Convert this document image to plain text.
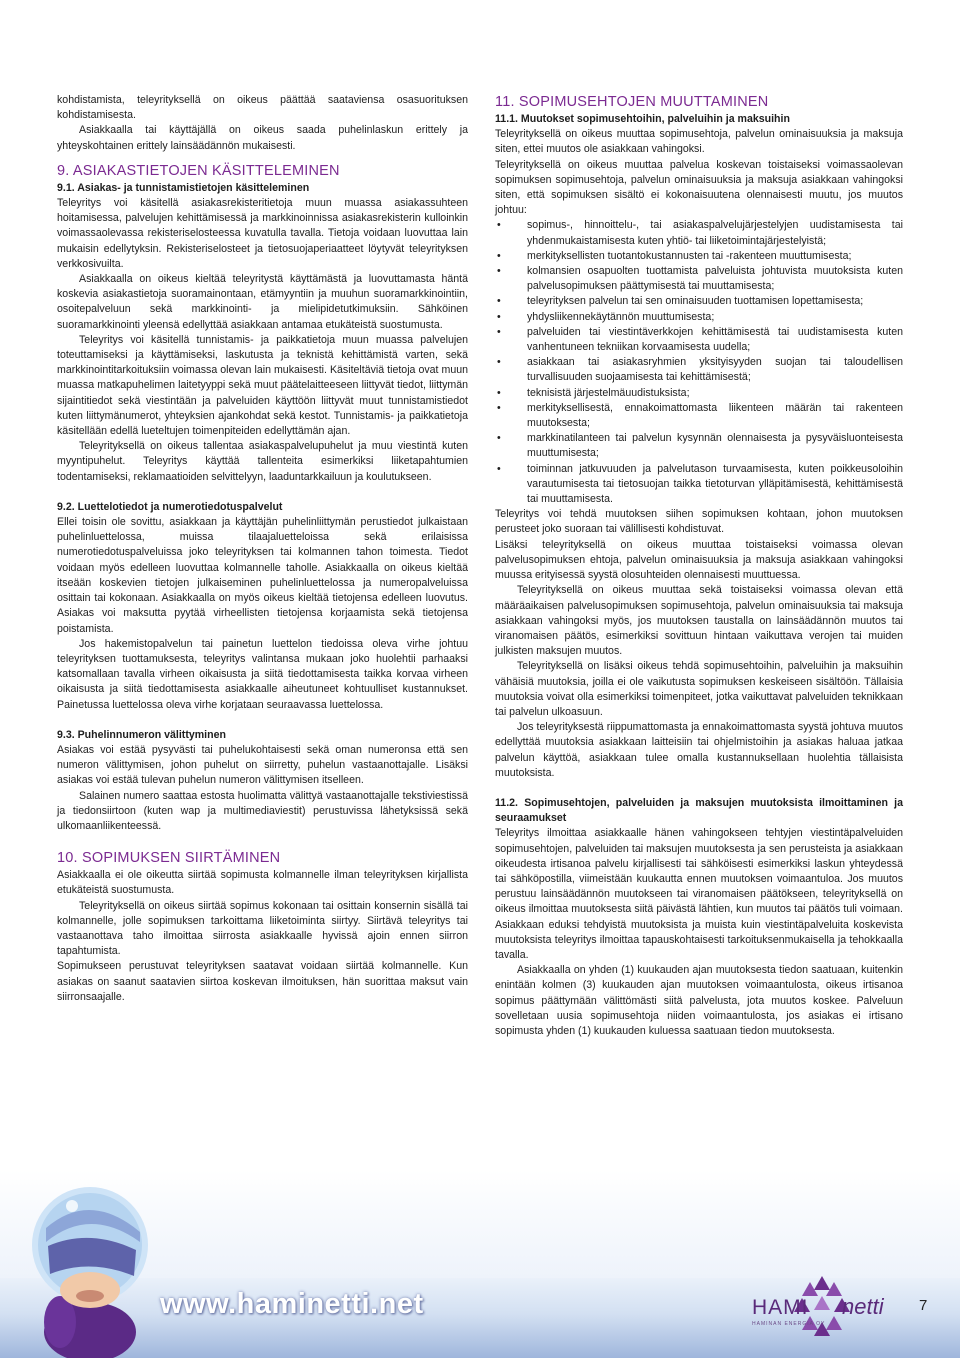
kohdistamista, teleyrityksellä on oikeus päättää saataviensa osasuorituksen kohdistamisesta.

Asiakkaalla tai käyttäjällä on oikeus saada puhelinlaskun erittely ja yhteyskohtainen erittely lainsäädännön mukaisesti.

9. ASIAKASTIETOJEN KÄSITTELEMINEN
9.1. Asiakas- ja tunnistamistietojen käsitteleminen

Teleyritys voi käsitellä asiakasrekisteritietoja muun muassa asiakassuhteen hoitamisessa, palvelujen kehittämisessä ja markkinoinnissa asiakasrekisterin kulloinkin voimassaolevassa rekisteriselosteessa kuvatulla tavalla. Tietoja voidaan luovuttaa lain mukaisin edellytyksin. Rekisteriselosteet ja tietosuojaperiaatteet löytyvät teleyrityksen verkkosivuilta.

Asiakkaalla on oikeus kieltää teleyritystä käyttämästä ja luovuttamasta häntä koskevia asiakastietoja suoramainontaan, etämyyntiin ja muuhun suoramarkkinointiin, osoitepalveluun sekä markkinointi- ja mielipidetutkimuksiin. Sähköinen suoramarkkinointi yleensä edellyttää asiakkaan antamaa etukäteistä suostumusta.

Teleyritys voi käsitellä tunnistamis- ja paikkatietoja muun muassa palvelujen toteuttamiseksi ja käyttämiseksi, laskutusta ja teknistä kehittämistä varten, sekä markkinointitarkoituksiin voimassa olevan lain mukaisesti. Käsiteltäviä tietoja ovat muun muassa matkapuhelimen laitetyyppi sekä muut päätelaitteeseen liittyvät tiedot, liittymän sijaintitiedot sekä viestintään ja palveluiden käyttöön liittyvät muut tunnistamistiedot kuten liittymänumerot, yhteyksien ajankohdat sekä kestot. Tunnistamis- ja paikkatietoja käsitellään edellä lueteltujen toimenpiteiden edellyttämän ajan.

Teleyrityksellä on oikeus tallentaa asiakaspalvelupuhelut ja muu viestintä kuten myyntipuhelut. Teleyritys käyttää tallenteita esimerkiksi liiketapahtumien todentamiseksi, reklamaatioiden selvittelyyn, laaduntarkkailuun ja koulutukseen.

9.2. Luettelotiedot ja numerotiedotuspalvelut

Ellei toisin ole sovittu, asiakkaan ja käyttäjän puhelinliittymän perustiedot julkaistaan puhelinluettelossa, muissa tilaajaluetteloissa sekä erilaisissa numerotiedotuspalveluissa joko teleyrityksen tai kolmannen tahon toimesta. Tiedot voidaan myös edelleen luovuttaa kolmannelle taholle. Asiakkaalla on oikeus kieltää itseään koskevien tietojen julkaiseminen puhelinluettelossa ja numeropalveluissa osittain tai kokonaan. Asiakkaalla on myös oikeus kieltää tietojensa edelleen luovutus. Asiakas voi maksutta pyytää virheellisten tietojensa korjaamista sekä tietojensa poistamista.

Jos hakemistopalvelun tai painetun luettelon tiedoissa oleva virhe johtuu teleyrityksen tuottamuksesta, teleyritys valintansa mukaan joko huolehtii parhaaksi katsomallaan tavalla virheen oikaisusta ja siitä tiedottamisesta taikka korvaa virheen oikaisusta ja siitä tiedottamisesta asiakkaalle aiheutuneet kohtuulliset kustannukset. Painetussa luettelossa oleva virhe korjataan seuraavassa luettelossa.

9.3. Puhelinnumeron välittyminen

Asiakas voi estää pysyvästi tai puhelukohtaisesti sekä oman numeronsa että sen numeron välittymisen, johon puhelut on siirretty, puhelun vastaanottajalle. Lisäksi asiakas voi estää tulevan puhelun numeron välittymisen itselleen.

Salainen numero saattaa estosta huolimatta välittyä vastaanottajalle tekstiviestissä ja tiedonsiirtoon (kuten wap ja multimediaviestit) perustuvissa lähetyksissä sekä ulkomaanliikenteessä.

10. SOPIMUKSEN SIIRTÄMINEN

Asiakkaalla ei ole oikeutta siirtää sopimusta kolmannelle ilman teleyrityksen kirjallista etukäteistä suostumusta.

Teleyrityksellä on oikeus siirtää sopimus kokonaan tai osittain konsernin sisällä tai kolmannelle, jolle sopimuksen tarkoittama liiketoiminta siirtyy. Siirtävä teleyritys tai vastaanottava taho ilmoittaa siirrosta asiakkaalle hyvissä ajoin ennen siirron tapahtumista.

Sopimukseen perustuvat teleyrityksen saatavat voidaan siirtää kolmannelle. Kun asiakas on saanut saatavien siirtoa koskevan ilmoituksen, hän suorittaa maksut vain siirronsaajalle.

11. SOPIMUSEHTOJEN MUUTTAMINEN
11.1. Muutokset sopimusehtoihin, palveluihin ja maksuihin

Teleyrityksellä on oikeus muuttaa sopimusehtoja, palvelun ominaisuuksia ja maksuja siten, ettei muutos ole asiakkaan vahingoksi.

Teleyrityksellä on oikeus muuttaa palvelua koskevan toistaiseksi voimassaolevan sopimuksen sopimusehtoja, palvelun ominaisuuksia ja maksuja asiakkaan vahingoksi siten, että sopimuksen sisältö ei kokonaisuutena olennaisesti muutu, jos muutos johtuu:

• sopimus-, hinnoittelu-, tai asiakaspalvelujärjestelyjen uudistamisesta tai yhdenmukaistamisesta kuten yhtiö- tai liiketoimintajärjestelyistä;
• merkityksellisten tuotantokustannusten tai -rakenteen muuttumisesta;
• kolmansien osapuolten tuottamista palveluista johtuvista muutoksista kuten palvelusopimuksen päättymisestä tai muuttamisesta;
• teleyrityksen palvelun tai sen ominaisuuden tuottamisen lopettamisesta;
• yhdysliikennekäytännön muuttumisesta;
• palveluiden tai viestintäverkkojen kehittämisestä tai uudistamisesta kuten vanhentuneen tekniikan korvaamisesta uudella;
• asiakkaan tai asiakasryhmien yksityisyyden suojan tai taloudellisen turvallisuuden suojaamisesta tai kehittämisestä;
• teknisistä järjestelmäuudistuksista;
• merkityksellisestä, ennakoimattomasta liikenteen määrän tai rakenteen muutoksesta;
• markkinatilanteen tai palvelun kysynnän olennaisesta ja pysyväisluonteisesta muuttumisesta;
• toiminnan jatkuvuuden ja palvelutason turvaamisesta, kuten poikkeusoloihin varautumisesta tai tietosuojan taikka tietoturvan ylläpitämisestä, kehittämisestä tai muuttamisesta.

Teleyritys voi tehdä muutoksen siihen sopimuksen kohtaan, johon muutoksen perusteet joko suoraan tai välillisesti kohdistuvat.

Lisäksi teleyrityksellä on oikeus muuttaa toistaiseksi voimassa olevan palvelusopimuksen ehtoja, palvelun ominaisuuksia ja maksuja asiakkaan vahingoksi muussa erityisessä syystä olosuhteiden olennaisesti muuttuessa.

Teleyrityksellä on oikeus muuttaa sekä toistaiseksi voimassa olevan että määräaikaisen palvelusopimuksen sopimusehtoja, palvelun ominaisuuksia tai maksuja asiakkaan vahingoksi myös, jos muutoksen taustalla on lainsäädännön muutos tai viranomaisen päätös, esimerkiksi sovittuun hintaan vaikuttava verojen tai muiden julkisten maksujen muutos.

Teleyrityksellä on lisäksi oikeus tehdä sopimusehtoihin, palveluihin ja maksuihin vähäisiä muutoksia, joilla ei ole vaikutusta sopimuksen keskeiseen sisältöön. Tällaisia muutoksia voivat olla esimerkiksi toimenpiteet, jotka vaikuttavat palveluiden teknikkaan tai palvelun ulkoasuun.

Jos teleyrityksestä riippumattomasta ja ennakoimattomasta syystä johtuva muutos edellyttää muutoksia asiakkaan laitteisiin tai ohjelmistoihin ja asiakas haluaa jatkaa palvelun käyttöä, asiakkaan tulee omalla kustannuksellaan huolehtia tällaisista muutoksista.

11.2. Sopimusehtojen, palveluiden ja maksujen muutoksista ilmoittaminen ja seuraamukset

Teleyritys ilmoittaa asiakkaalle hänen vahingokseen tehtyjen viestintäpalveluiden sopimusehtojen, palveluiden tai maksujen muutoksesta ja sen perusteista ja asiakkaan oikeudesta irtisanoa palvelu kirjallisesti tai sähköisesti esimerkiksi laskun yhteydessä tai sähköpostilla, viimeistään kuukautta ennen muutoksen voimaantuloa. Jos muutos perustuu lainsäädännön muutokseen tai viranomaisen päätökseen, teleyrityksellä on oikeus ilmoittaa muutoksesta siitä päivästä lähtien, kun muutos tai päätös tuli voimaan. Asiakkaan eduksi tehdyistä muutoksista ja muista kuin viestintäpalveluita koskevista muutoksista teleyritys ilmoittaa tapauskohtaisesti tarkoituksenmukaisella ja tehokkaalla tavalla.

Asiakkaalla on yhden (1) kuukauden ajan muutoksesta tiedon saatuaan, kuitenkin enintään kolmen (3) kuukauden ajan muutoksen voimaantulosta, oikeus irtisanoa sopimus päättymään välittömästi siitä palvelusta, jota muutos koskee. Palveluun sovelletaan uusia sopimusehtoja niiden voimaantulosta, jos asiakas ei irtisano sopimusta yhden (1) kuukauden kuluessa saatuaan tiedon muutoksesta.

www.haminetti.net	HAMI netti
HAMINAN ENERGIA OY
7
